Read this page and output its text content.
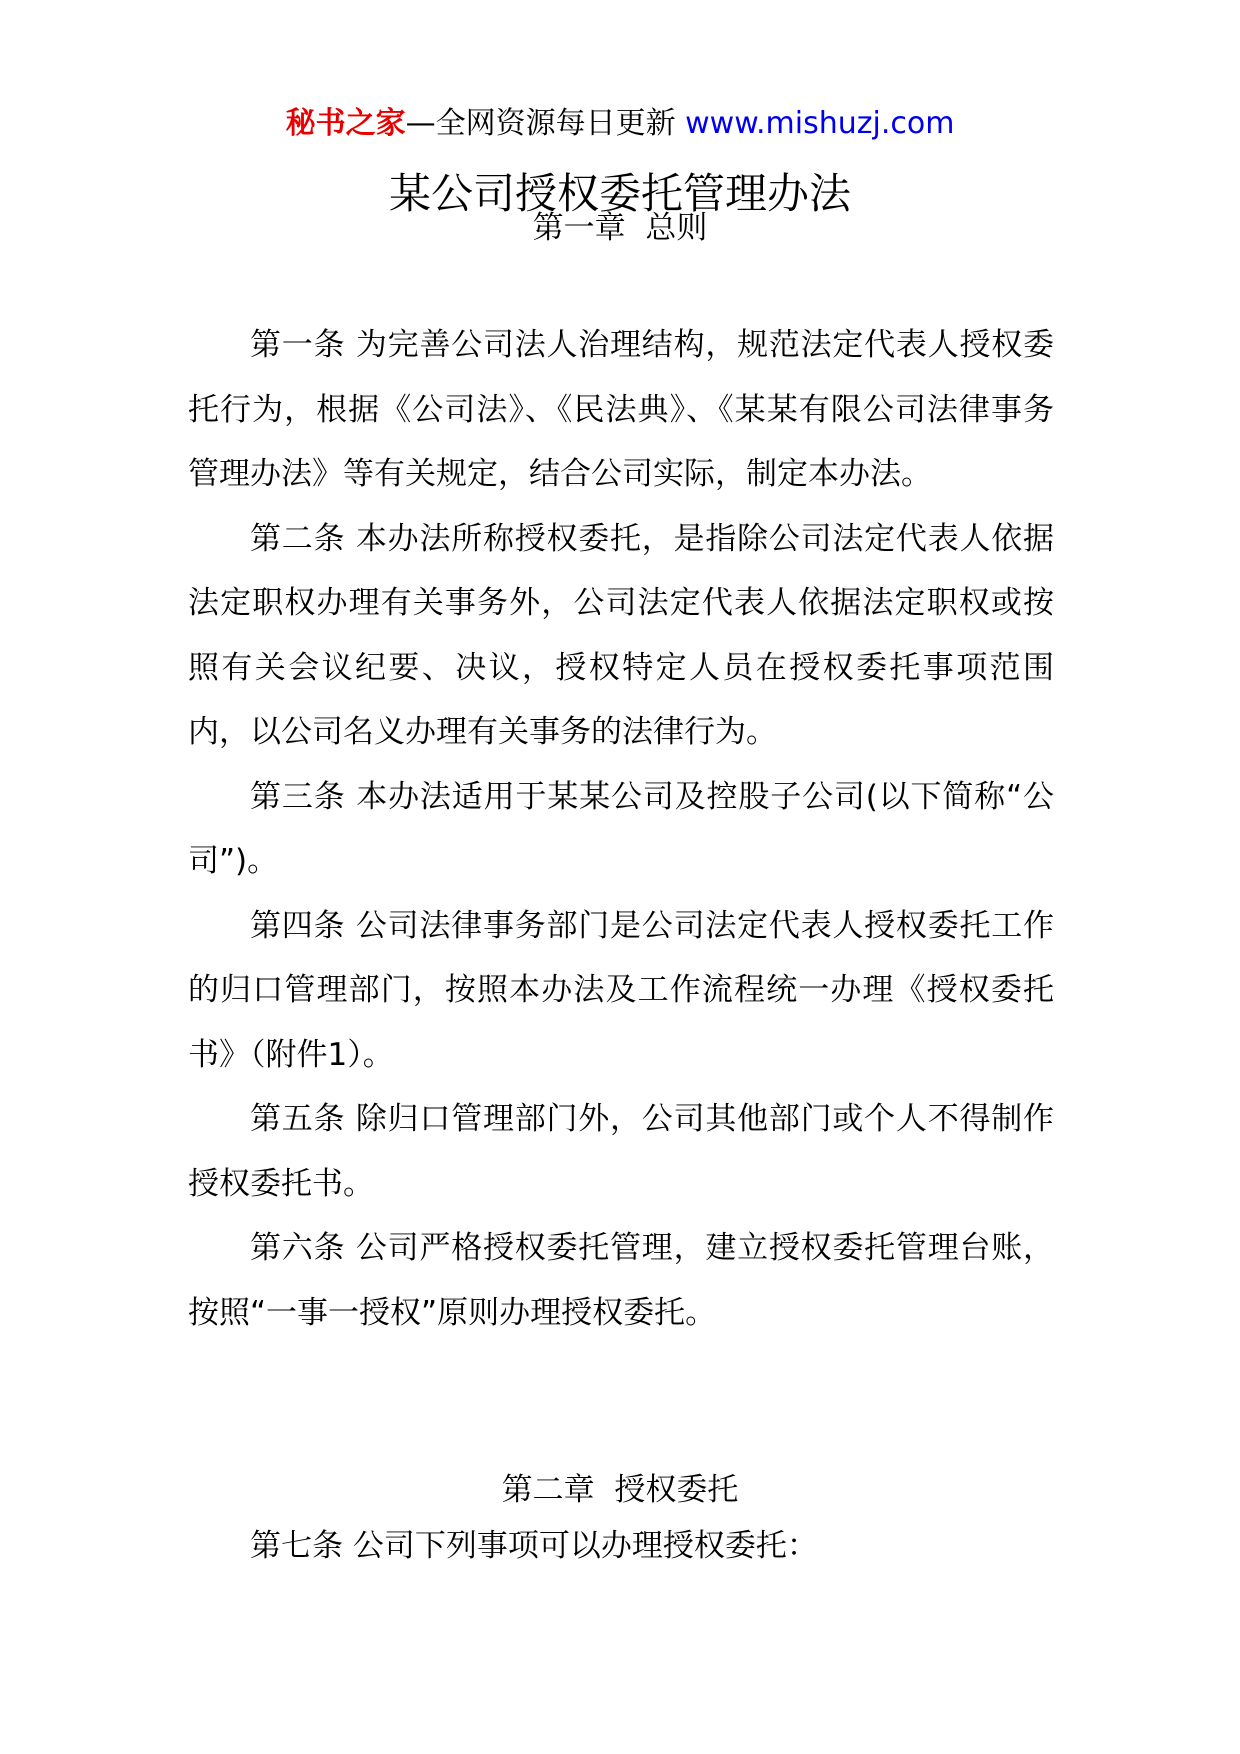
秘书之家—全网资源每日更新 www.mishuzj.com
某公司授权委托管理办法
第一章  总则

第一条 为完善公司法人治理结构，规范法定代表人授权委托行为，根据《公司法》、《民法典》、《某某有限公司法律事务管理办法》等有关规定，结合公司实际，制定本办法。

第二条 本办法所称授权委托，是指除公司法定代表人依据法定职权办理有关事务外，公司法定代表人依据法定职权或按照有关会议纪要、决议，授权特定人员在授权委托事项范围内，以公司名义办理有关事务的法律行为。

第三条 本办法适用于某某公司及控股子公司(以下简称“公司”)。

第四条 公司法律事务部门是公司法定代表人授权委托工作的归口管理部门，按照本办法及工作流程统一办理《授权委托书》（附件1）。

第五条 除归口管理部门外，公司其他部门或个人不得制作授权委托书。

第六条 公司严格授权委托管理，建立授权委托管理台账，按照“一事一授权”原则办理授权委托。

第二章  授权委托

第七条 公司下列事项可以办理授权委托：
